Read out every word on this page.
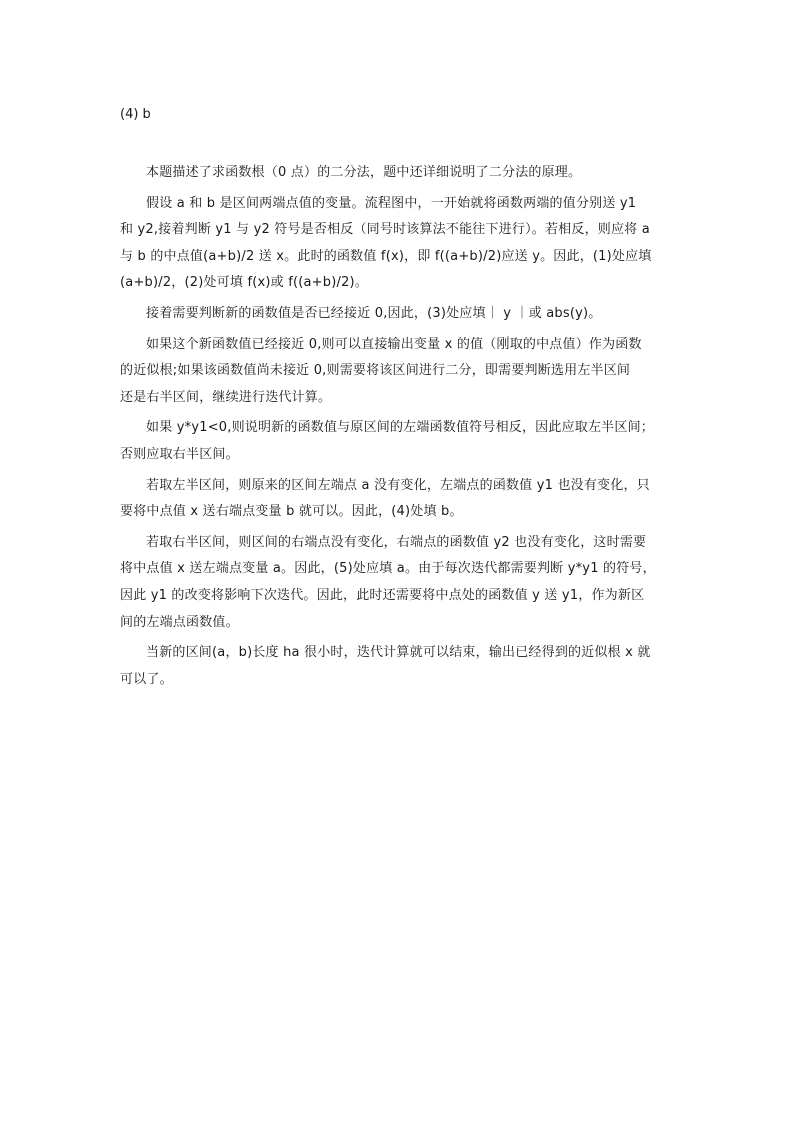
(4) b

本题描述了求函数根（0 点）的二分法，题中还详细说明了二分法的原理。

假设 a 和 b 是区间两端点值的变量。流程图中，一开始就将函数两端的值分别送 y1
和 y2,接着判断 y1 与 y2 符号是否相反（同号时该算法不能往下进行）。若相反，则应将 a
与 b 的中点值(a+b)/2 送 x。此时的函数值 f(x)，即 f((a+b)/2)应送 y。因此，(1)处应填
(a+b)/2，(2)处可填 f(x)或 f((a+b)/2)。

接着需要判断新的函数值是否已经接近 0,因此，(3)处应填｜ y ｜或 abs(y)。

如果这个新函数值已经接近 0,则可以直接输出变量 x 的值（刚取的中点值）作为函数
的近似根;如果该函数值尚未接近 0,则需要将该区间进行二分，即需要判断选用左半区间
还是右半区间，继续进行迭代计算。

如果 y*y1<0,则说明新的函数值与原区间的左端函数值符号相反，因此应取左半区间；
否则应取右半区间。

若取左半区间，则原来的区间左端点 a 没有变化，左端点的函数值 y1 也没有变化，只
要将中点值 x 送右端点变量 b 就可以。因此，(4)处填 b。

若取右半区间，则区间的右端点没有变化，右端点的函数值 y2 也没有变化，这时需要
将中点值 x 送左端点变量 a。因此，(5)处应填 a。由于每次迭代都需要判断 y*y1 的符号，
因此 y1 的改变将影响下次迭代。因此，此时还需要将中点处的函数值 y 送 y1，作为新区
间的左端点函数值。

当新的区间(a，b)长度 ha 很小时，迭代计算就可以结束，输出已经得到的近似根 x 就
可以了。
